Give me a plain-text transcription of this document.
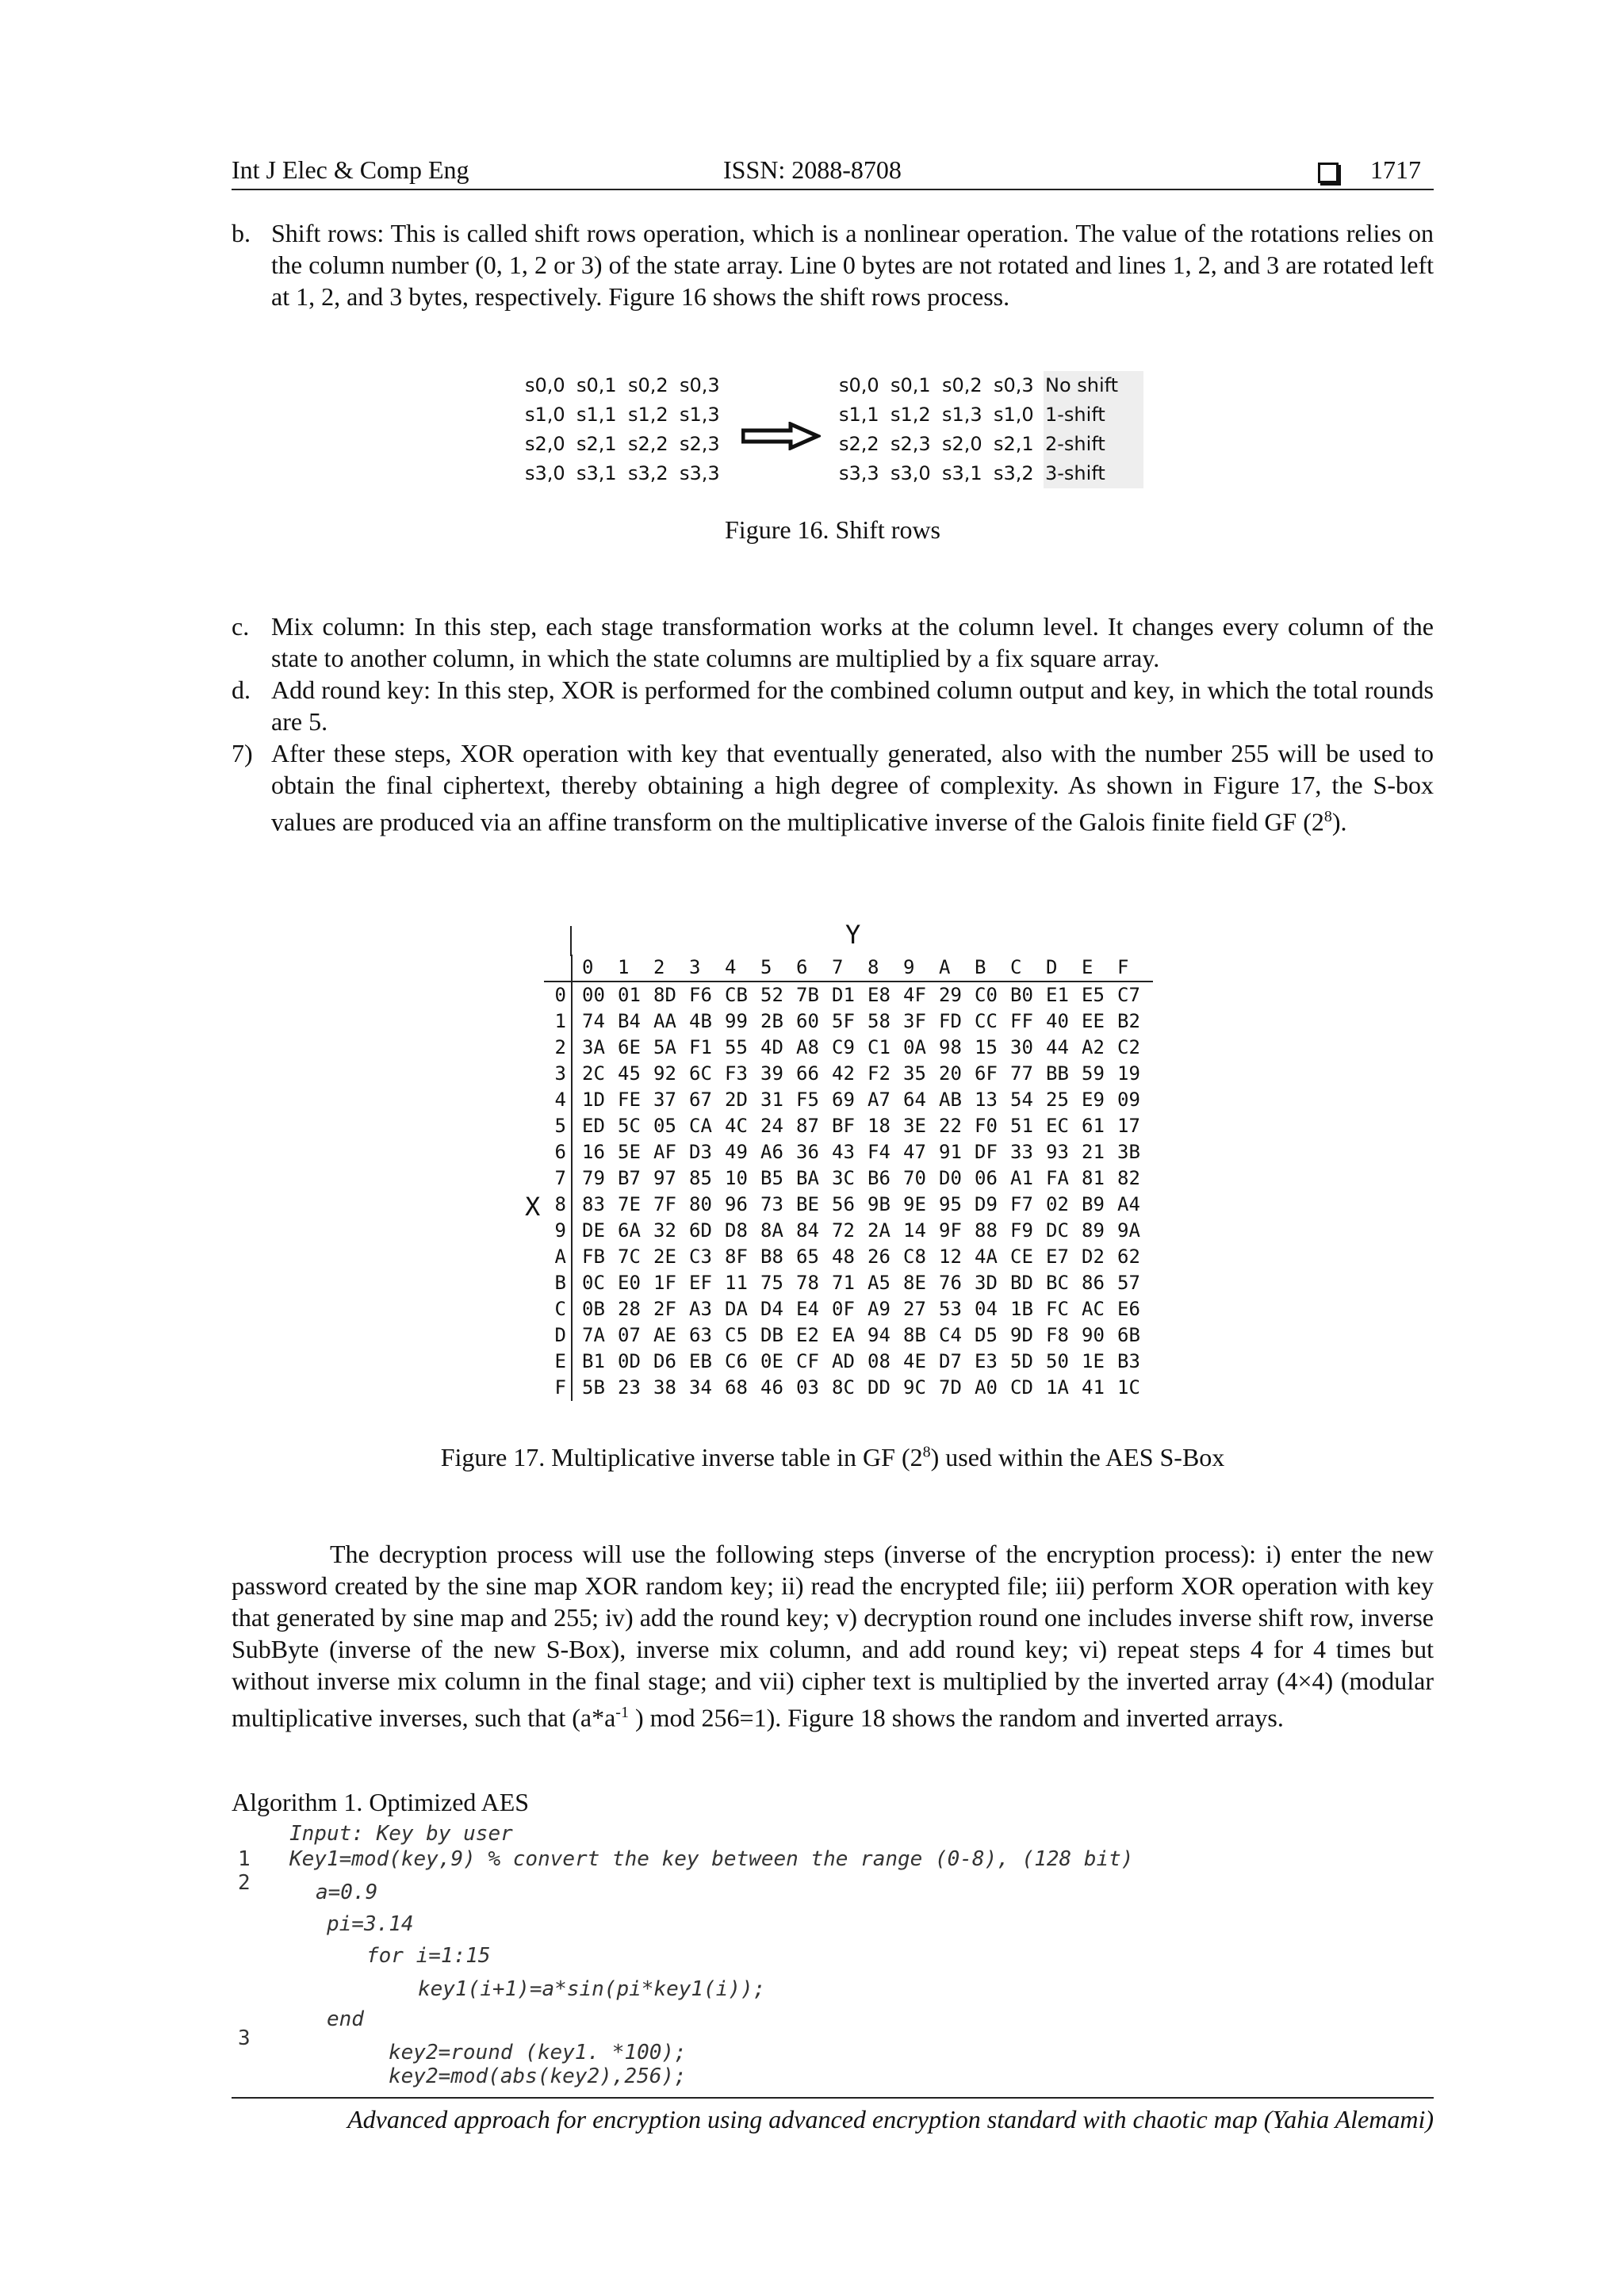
Int J Elec & Comp Eng	ISSN: 2088-8708	1717
b. Shift rows: This is called shift rows operation, which is a nonlinear operation. The value of the rotations relies on the column number (0, 1, 2 or 3) of the state array. Line 0 bytes are not rotated and lines 1, 2, and 3 are rotated left at 1, 2, and 3 bytes, respectively. Figure 16 shows the shift rows process.
s0,0 s0,1 s0,2 s0,3
s1,0 s1,1 s1,2 s1,3
s2,0 s2,1 s2,2 s2,3
s3,0 s3,1 s3,2 s3,3
s0,0 s0,1 s0,2 s0,3 No shift
s1,1 s1,2 s1,3 s1,0 1-shift
s2,2 s2,3 s2,0 s2,1 2-shift
s3,3 s3,0 s3,1 s3,2 3-shift
Figure 16. Shift rows
c. Mix column: In this step, each stage transformation works at the column level. It changes every column of the state to another column, in which the state columns are multiplied by a fix square array.
d. Add round key: In this step, XOR is performed for the combined column output and key, in which the total rounds are 5.
7) After these steps, XOR operation with key that eventually generated, also with the number 255 will be used to obtain the final ciphertext, thereby obtaining a high degree of complexity. As shown in Figure 17, the S-box values are produced via an affine transform on the multiplicative inverse of the Galois finite field GF $(2^8)$.
Y
X
	0	1	2	3	4	5	6	7	8	9	A	B	C	D	E	F
0	00	01	8D	F6	CB	52	7B	D1	E8	4F	29	C0	B0	E1	E5	C7
1	74	B4	AA	4B	99	2B	60	5F	58	3F	FD	CC	FF	40	EE	B2
2	3A	6E	5A	F1	55	4D	A8	C9	C1	0A	98	15	30	44	A2	C2
3	2C	45	92	6C	F3	39	66	42	F2	35	20	6F	77	BB	59	19
4	1D	FE	37	67	2D	31	F5	69	A7	64	AB	13	54	25	E9	09
5	ED	5C	05	CA	4C	24	87	BF	18	3E	22	F0	51	EC	61	17
6	16	5E	AF	D3	49	A6	36	43	F4	47	91	DF	33	93	21	3B
7	79	B7	97	85	10	B5	BA	3C	B6	70	D0	06	A1	FA	81	82
8	83	7E	7F	80	96	73	BE	56	9B	9E	95	D9	F7	02	B9	A4
9	DE	6A	32	6D	D8	8A	84	72	2A	14	9F	88	F9	DC	89	9A
A	FB	7C	2E	C3	8F	B8	65	48	26	C8	12	4A	CE	E7	D2	62
B	0C	E0	1F	EF	11	75	78	71	A5	8E	76	3D	BD	BC	86	57
C	0B	28	2F	A3	DA	D4	E4	0F	A9	27	53	04	1B	FC	AC	E6
D	7A	07	AE	63	C5	DB	E2	EA	94	8B	C4	D5	9D	F8	90	6B
E	B1	0D	D6	EB	C6	0E	CF	AD	08	4E	D7	E3	5D	50	1E	B3
F	5B	23	38	34	68	46	03	8C	DD	9C	7D	A0	CD	1A	41	1C
Figure 17. Multiplicative inverse table in GF $(2^8)$ used within the AES S-Box
The decryption process will use the following steps (inverse of the encryption process): i) enter the new password created by the sine map XOR random key; ii) read the encrypted file; iii) perform XOR operation with key that generated by sine map and 255; iv) add the round key; v) decryption round one includes inverse shift row, inverse SubByte (inverse of the new S-Box), inverse mix column, and add round key; vi) repeat steps 4 for 4 times but without inverse mix column in the final stage; and vii) cipher text is multiplied by the inverted array (4×4) (modular multiplicative inverses, such that ($a*a^{-1}$ ) mod 256=1). Figure 18 shows the random and inverted arrays.
Algorithm 1. Optimized AES
Input: Key by user
Key1=mod(key,9) % convert the key between the range (0-8), (128 bit)
1
a=0.9
2
pi=3.14
for i=1:15
key1(i+1)=a*sin(pi*key1(i));
end
key2=round (key1. *100);
3
key2=mod(abs(key2),256);
Advanced approach for encryption using advanced encryption standard with chaotic map (Yahia Alemami)
